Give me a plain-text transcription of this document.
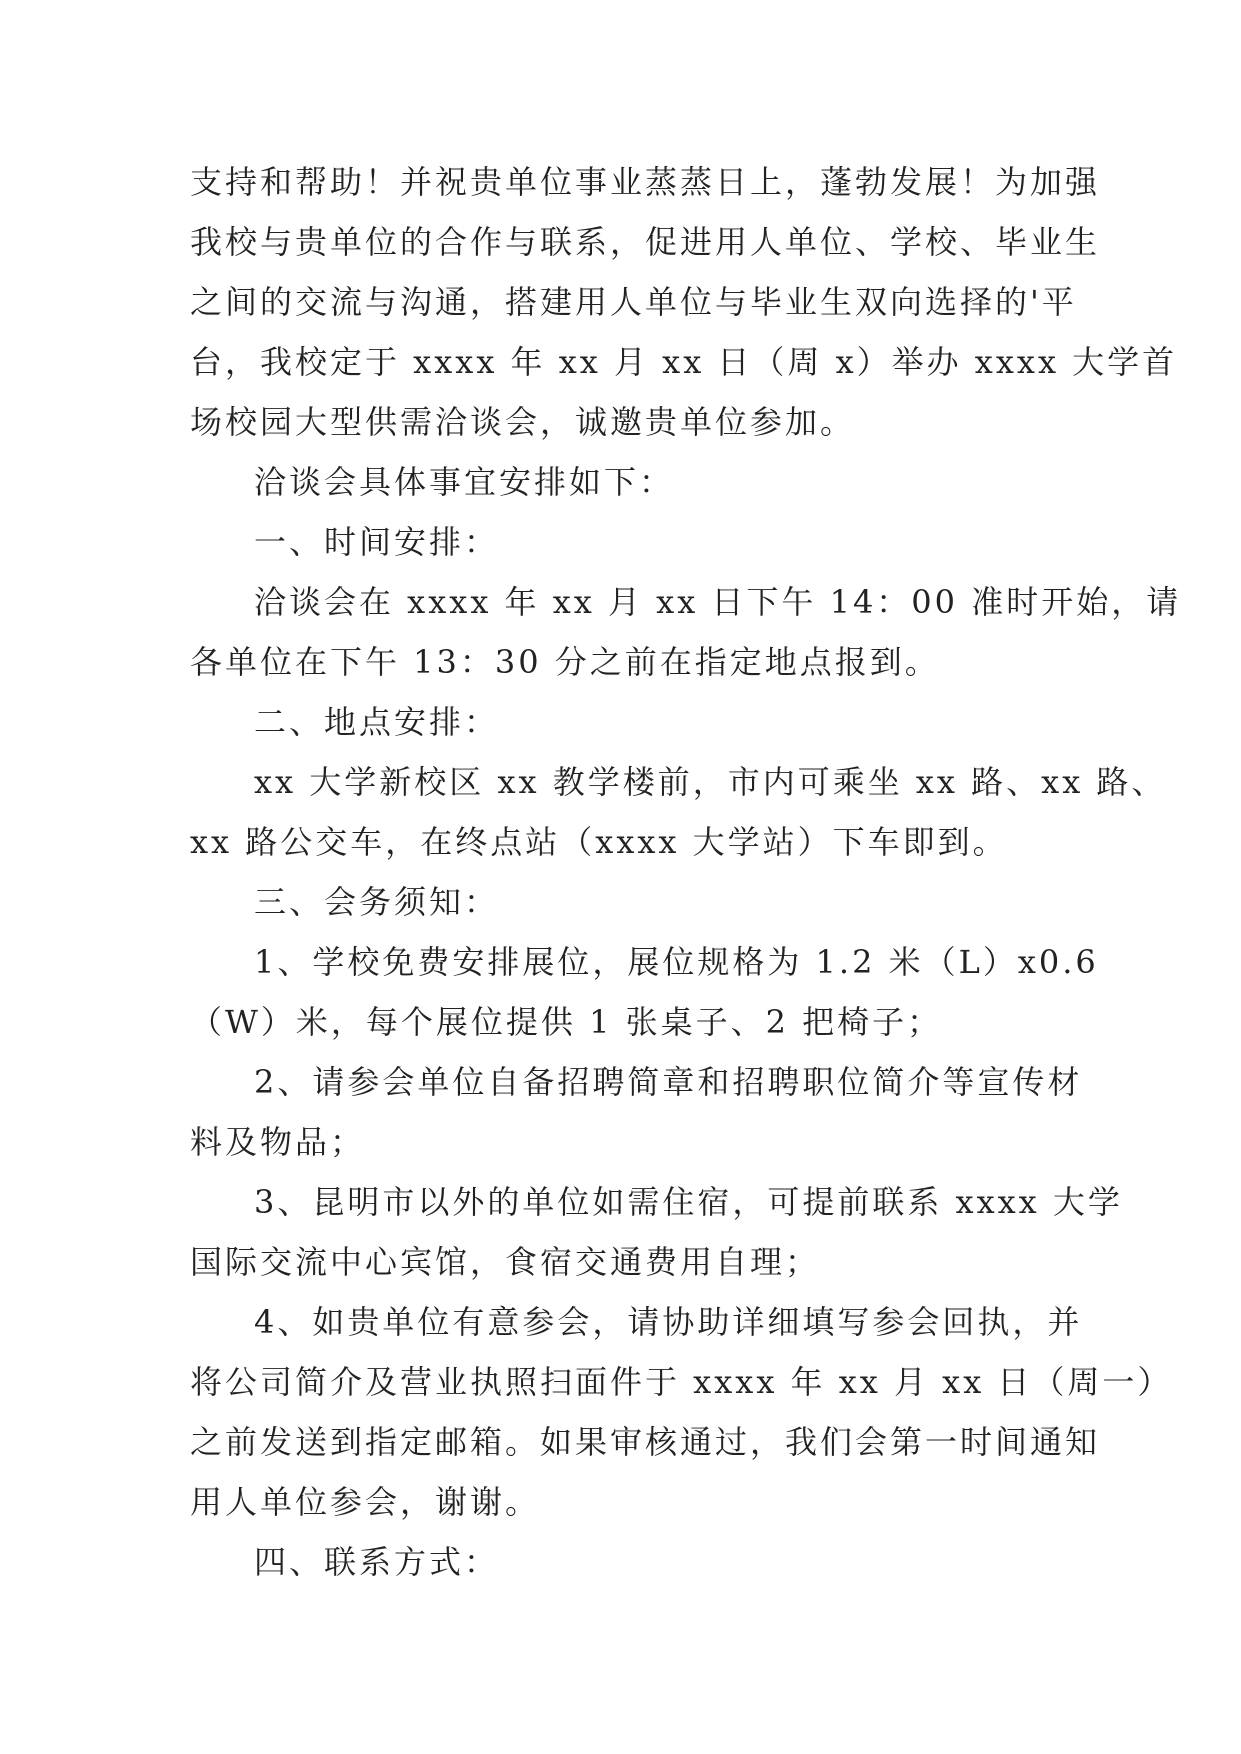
支持和帮助！并祝贵单位事业蒸蒸日上，蓬勃发展！为加强
我校与贵单位的合作与联系，促进用人单位、学校、毕业生
之间的交流与沟通，搭建用人单位与毕业生双向选择的'平
台，我校定于 xxxx 年 xx 月 xx 日（周 x）举办 xxxx 大学首
场校园大型供需洽谈会，诚邀贵单位参加。
洽谈会具体事宜安排如下：
一、时间安排：
洽谈会在 xxxx 年 xx 月 xx 日下午 14：00 准时开始，请
各单位在下午 13：30 分之前在指定地点报到。
二、地点安排：
xx 大学新校区 xx 教学楼前，市内可乘坐 xx 路、xx 路、
xx 路公交车，在终点站（xxxx 大学站）下车即到。
三、会务须知：
1、学校免费安排展位，展位规格为 1.2 米（L）x0.6
（W）米，每个展位提供 1 张桌子、2 把椅子；
2、请参会单位自备招聘简章和招聘职位简介等宣传材
料及物品；
3、昆明市以外的单位如需住宿，可提前联系 xxxx 大学
国际交流中心宾馆，食宿交通费用自理；
4、如贵单位有意参会，请协助详细填写参会回执，并
将公司简介及营业执照扫面件于 xxxx 年 xx 月 xx 日（周一）
之前发送到指定邮箱。如果审核通过，我们会第一时间通知
用人单位参会，谢谢。
四、联系方式：
